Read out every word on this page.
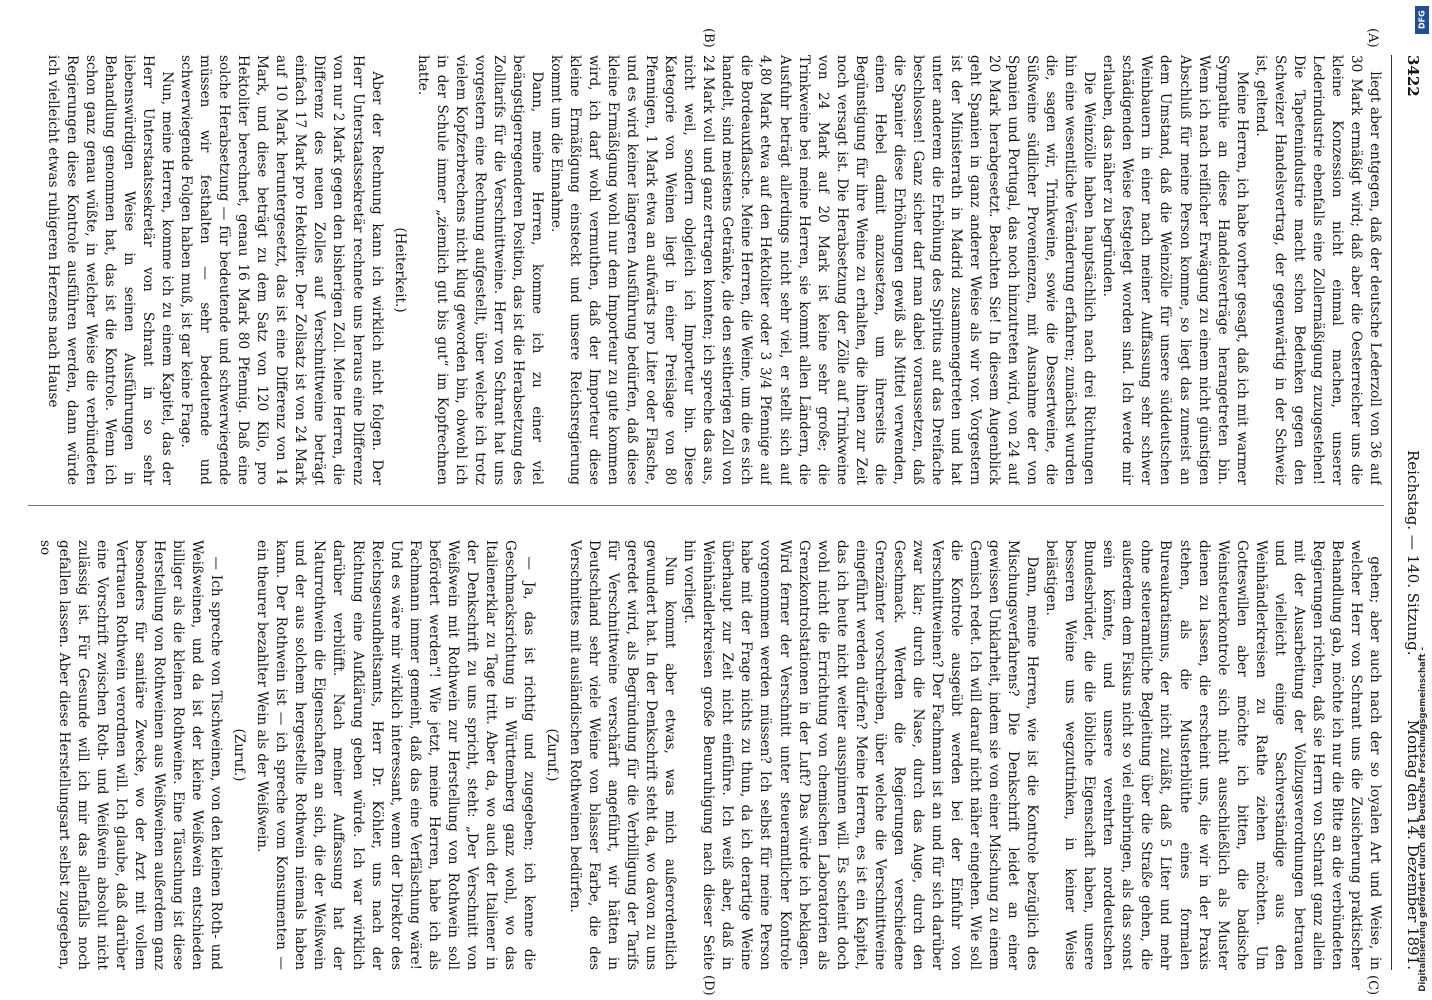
3422
Reichstag. — 140. Sitzung.
Montag den 14. Dezember 1891.
(A)
(B)
(C)
(D)

liegt aber entgegen, daß der deutsche Lederzoll von 36 auf 30 Mark ermäßigt wird; daß aber die Oesterreicher uns die kleine Konzession nicht einmal machen, unserer Lederindustrie ebenfalls eine Zollermäßigung zuzugestehen! Die Tapetenindustrie macht schon Bedenken gegen den Schweizer Handelsvertrag, der gegenwärtig in der Schweiz ist, geltend.

Meine Herren, ich habe vorher gesagt, daß ich mit warmer Sympathie an diese Handelsverträge herangetreten bin. Wenn ich nach reiflicher Erwägung zu einem nicht günstigen Abschluß für meine Person komme, so liegt das zumeist an dem Umstand, daß die Weinzölle für unsere süddeutschen Weinbauern in einer nach meiner Auffassung sehr schwer schädigenden Weise festgelegt worden sind. Ich werde mir erlauben, das näher zu begründen.

Die Weinzölle haben hauptsächlich nach drei Richtungen hin eine wesentliche Veränderung erfahren; zunächst wurden die, sagen wir, Trinkweine, sowie die Dessertweine, die Süßweine südlicher Provenienzen, mit Ausnahme der von Spanien und Portugal, das noch hinzutreten wird, von 24 auf 20 Mark herabgesetzt. Beachten Sie! In diesem Augenblick geht Spanien in ganz anderer Weise als wir vor. Vorgestern ist der Ministerrath in Madrid zusammengetreten und hat unter anderem die Erhöhung des Spiritus auf das Dreifache beschlossen! Ganz sicher darf man dabei voraussetzen, daß die Spanier diese Erhöhungen gewiß als Mittel verwenden, einen Hebel damit anzusetzen, um ihrerseits die Begünstigung für ihre Weine zu erhalten, die ihnen zur Zeit noch versagt ist. Die Herabsetzung der Zölle auf Trinkweine von 24 Mark auf 20 Mark ist keine sehr große; die Trinkweine bei meine Herren, sie kommt allen Ländern, die Ausfuhr beträgt allerdings nicht sehr viel, er stellt sich auf 4,80 Mark etwa auf den Hektoliter oder 3 3/4 Pfennige auf die Bordeauxflasche. Meine Herren, die Weine, um die es sich handelt, sind meistens Getränke, die den seitherigen Zoll von 24 Mark voll und ganz ertragen konnten; ich spreche das aus, nicht weil, sondern obgleich ich Importeur bin. Diese Kategorie von Weinen liegt in einer Preislage von 80 Pfennigen, 1 Mark etwa an aufwärts pro Liter oder Flasche, und es wird keiner längeren Ausführung bedürfen, daß diese kleine Ermäßigung wohl nur dem Importeur zu gute kommen wird, ich darf wohl vermuthen, daß der Importeur diese kleine Ermäßigung einsteckt und unsere Reichsregierung kommt um die Einnahme.

Dann, meine Herren, komme ich zu einer viel beängstigerregenderen Position, das ist die Herabsetzung des Zolltarifs für die Verschnittweine. Herr von Schrant hat uns vorgestern eine Rechnung aufgestellt, über welche ich trotz vielem Kopfzerbrechens nicht klug geworden bin, obwohl ich in der Schule immer „ziemlich gut bis gut“ im Kopfrechnen hatte.

(Heiterkeit.)

Aber der Rechnung kann ich wirklich nicht folgen. Der Herr Unterstaatssekretär rechnete uns heraus eine Differenz von nur 2 Mark gegen den bisherigen Zoll. Meine Herren, die Differenz des neuen Zolles auf Verschnittweine beträgt einfach 17 Mark pro Hektoliter. Der Zollsatz ist von 24 Mark auf 10 Mark heruntergesetzt, das ist eine Differenz von 14 Mark, und diese beträgt zu dem Satz von 120 Kilo, pro Hektoliter berechnet, genau 16 Mark 80 Pfennig. Daß eine solche Herabsetzung — für bedeutende und schwerwiegende müssen wir festhalten — sehr bedeutende und schwerwiegende Folgen haben muß, ist gar keine Frage.

Nun, meine Herren, komme ich zu einem Kapitel, das der Herr Unterstaatssekretär von Schrant in so sehr liebenswürdigen Weise in seinen Ausführungen in Behandlung genommen hat, das ist die Kontrole. Wenn ich schon ganz genau wüßte, in welcher Weise die verbündeten Regierungen diese Kontrole ausführen werden, dann würde ich vielleicht etwas ruhigeren Herzens nach Hause

gehen; aber auch nach der so loyalen Art und Weise, in welcher Herr von Schrant uns die Zusicherung praktischer Behandlung gab, möchte ich nur die Bitte an die verbündeten Regierungen richten, daß sie Herrn von Schrant ganz allein mit der Ausarbeitung der Vollzugsverordnungen betrauen und vielleicht einige Sachverständige aus den Weinhändlerkreisen zu Rathe ziehen möchten. Um Gotteswillen aber möchte ich bitten, die badische Weinsteuerkontrole sich nicht ausschließlich als Muster dienen zu lassen, die erscheint uns, die wir in der Praxis stehen, als die Musterblüthe eines formalen Bureaukratismus, der nicht zuläßt, daß 5 Liter und mehr ohne steueramtliche Begleitung über die Straße gehen, die außerdem dem Fiskus nicht so viel einbringen, als das sonst sein könnte, und unsere verehrten norddeutschen Bundesbrüder, die die löbliche Eigenschaft haben, unsere besseren Weine uns wegzutrinken, in keiner Weise belästigen.

Dann, meine Herren, wie ist die Kontrole bezüglich des Mischungsverfahrens? Die Denkschrift leidet an einer gewissen Unklarheit, indem sie von einer Mischung zu einem Gemisch redet. Ich will darauf nicht näher eingehen. Wie soll die Kontrole ausgeübt werden bei der Einfuhr von Verschnittweinen? Der Fachmann ist an und für sich darüber zwar klar; durch die Nase, durch das Auge, durch den Geschmack. Werden die Regierungen verschiedene Grenzämter vorschreiben, über welche die Verschnittweine eingeführt werden dürfen? Meine Herren, es ist ein Kapitel, das ich heute nicht weiter ausspinnen will. Es scheint doch wohl nicht die Errichtung von chemischen Laboratorien als Grenzkontrolstationen in der Luft? Das würde ich beklagen. Wird ferner der Verschnitt unter steueramtlicher Kontrole vorgenommen werden müssen? Ich selbst für meine Person habe mit der Frage nichts zu thun, da ich derartige Weine überhaupt zur Zeit nicht einführe. Ich weiß aber, daß in Weinhändlerkreisen große Beunruhigung nach dieser Seite hin vorliegt.

Nun kommt aber etwas, was mich außerordentlich gewundert hat. In der Denkschrift steht da, wo davon zu uns geredet wird, als Begründung für die Verbilligung der Tarifs für Verschnittweine verschärft angeführt, wir hätten in Deutschland sehr viele Weine von blasser Farbe, die des Verschnittes mit ausländischen Rothweinen bedürfen.

(Zuruf.)

— Ja, das ist richtig und zugegeben; ich kenne die Geschmacksrichtung in Württemberg ganz wohl, wo das Italienerklar zu Tage tritt. Aber da, wo auch der Italiener in der Denkschrift zu uns spricht, steht: „Der Verschnitt von Weißwein mit Rothwein zur Herstellung von Rothwein soll befördert werden“! Wie jetzt, meine Herren, habe ich als Fachmann immer gemeint, daß das eine Verfälschung wäre! Und es wäre mir wirklich interessant, wenn der Direktor des Reichsgesundheitsamts, Herr Dr. Köhler, uns nach der Richtung eine Aufklärung geben würde. Ich war wirklich darüber verblüfft. Nach meiner Auffassung hat der Naturrothwein die Eigenschaften an sich, die der Weißwein und der aus solchem hergestellte Rothwein niemals haben kann. Der Rothwein ist — ich spreche vom Konsumenten — ein theurer bezahlter Wein als der Weißwein.

(Zuruf.)

— Ich spreche von Tischweinen, von den kleinen Roth- und Weißweinen, und da ist der kleine Weißwein entschieden billiger als die kleinen Rothweine. Eine Täuschung ist diese Herstellung von Rothweinen aus Weißweinen außerdem ganz besonders für sanitäre Zwecke, wo der Arzt mit vollem Vertrauen Rothwein verordnen will. Ich glaube, daß darüber eine Vorschrift zwischen Roth- und Weißwein absolut nicht zulässig ist. Für Gesunde will ich mir das allenfalls noch gefallen lassen. Aber diese Herstellungsart selbst zugegeben, so

Digitalisierung gefördert durch die Deutsche Forschungsgemeinschaft -
DFG
